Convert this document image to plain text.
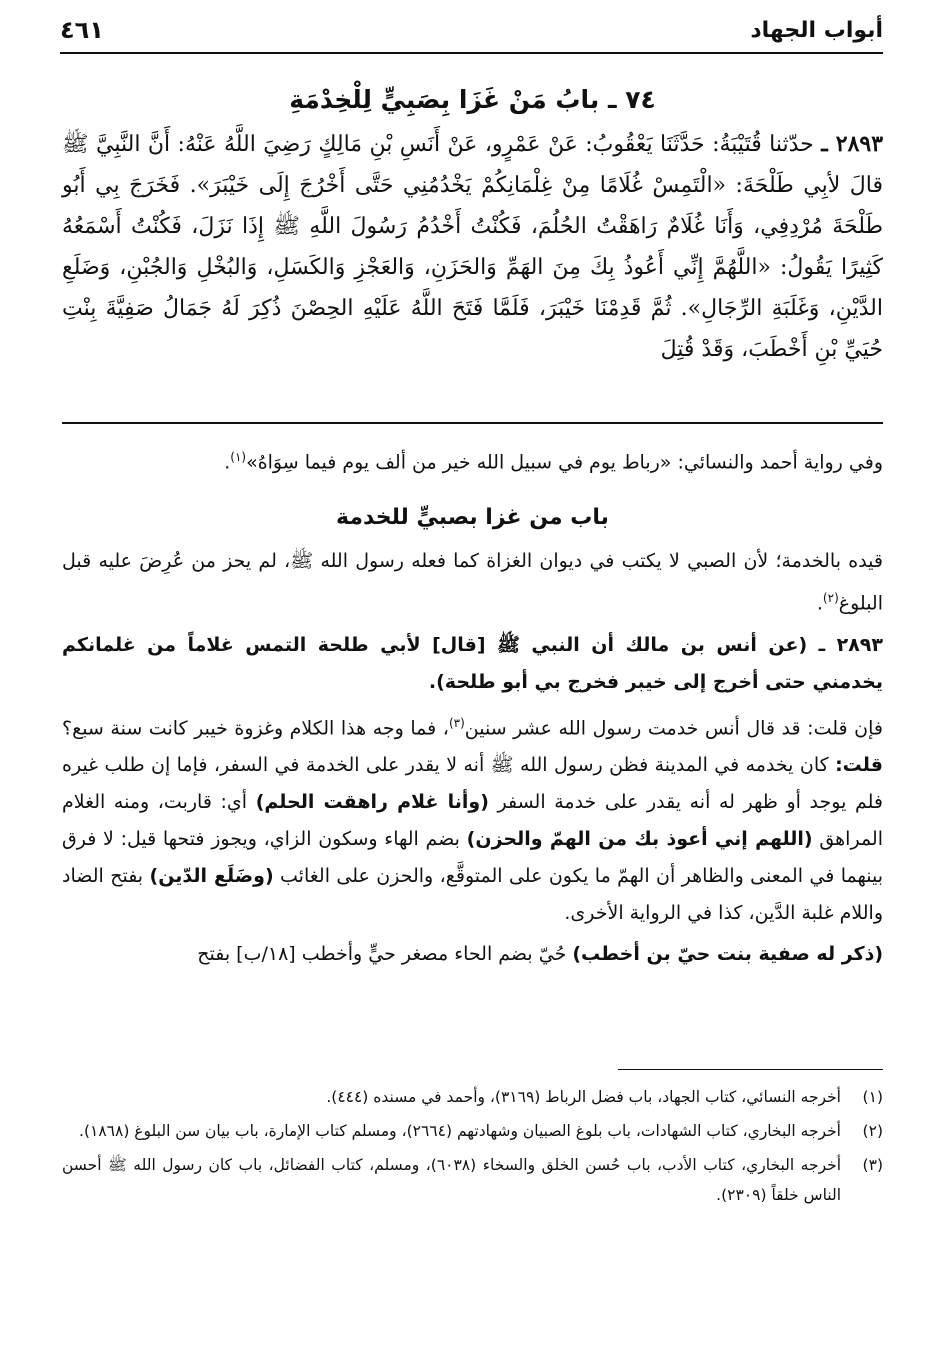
٤٦١	أبواب الجهاد

٧٤ ـ بابُ مَنْ غَزَا بِصَبِيٍّ لِلْخِدْمَةِ

٢٨٩٣ ـ حدّثنا قُتَيْبَةُ: حَدَّثَنَا يَعْقُوبُ: عَنْ عَمْرٍو، عَنْ أَنَسِ بْنِ مَالِكٍ رَضِيَ اللَّهُ عَنْهُ: أَنَّ النَّبِيَّ ﷺ قالَ لأبِي طَلْحَةَ: «الْتَمِسْ غُلَامًا مِنْ غِلْمَانِكُمْ يَخْدُمُنِي حَتَّى أَخْرُجَ إِلَى خَيْبَرَ». فَخَرَجَ بِي أَبُو طَلْحَةَ مُرْدِفِي، وَأَنَا غُلَامٌ رَاهَقْتُ الحُلُمَ، فَكُنْتُ أَخْدُمُ رَسُولَ اللَّهِ ﷺ إِذَا نَزَلَ، فَكُنْتُ أَسْمَعُهُ كَثِيرًا يَقُولُ: «اللَّهُمَّ إِنِّي أَعُوذُ بِكَ مِنَ الهَمِّ وَالحَزَنِ، وَالعَجْزِ وَالكَسَلِ، وَالبُخْلِ وَالجُبْنِ، وَضَلَعِ الدَّيْنِ، وَغَلَبَةِ الرِّجَالِ». ثُمَّ قَدِمْنَا خَيْبَرَ، فَلَمَّا فَتَحَ اللَّهُ عَلَيْهِ الحِصْنَ ذُكِرَ لَهُ جَمَالُ صَفِيَّةَ بِنْتِ حُيَيِّ بْنِ أَخْطَبَ، وَقَدْ قُتِلَ

وفي رواية أحمد والنسائي: «رباط يوم في سبيل الله خير من ألف يوم فيما سِوَاهُ»$^{(١)}$.

باب من غزا بصبيٍّ للخدمة

قيده بالخدمة؛ لأن الصبي لا يكتب في ديوان الغزاة كما فعله رسول الله ﷺ، لم يحز من عُرِضَ عليه قبل البلوغ$^{(٢)}$.

٢٨٩٣ ـ (عن أنس بن مالك أن النبي ﷺ [قال] لأبي طلحة التمس غلاماً من غلمانكم يخدمني حتى أخرج إلى خيبر فخرج بي أبو طلحة).

فإن قلت: قد قال أنس خدمت رسول الله عشر سنين$^{(٣)}$، فما وجه هذا الكلام وغزوة خيبر كانت سنة سبع؟ قلت: كان يخدمه في المدينة فظن رسول الله ﷺ أنه لا يقدر على الخدمة في السفر، فإما إن طلب غيره فلم يوجد أو ظهر له أنه يقدر على خدمة السفر (وأنا غلام راهقت الحلم) أي: قاربت، ومنه الغلام المراهق (اللهم إني أعوذ بك من الهمّ والحزن) بضم الهاء وسكون الزاي، ويجوز فتحها قيل: لا فرق بينهما في المعنى والظاهر أن الهمّ ما يكون على المتوقَّع، والحزن على الغائب (وضَلَع الدّين) بفتح الضاد واللام غلبة الدَّين، كذا في الرواية الأخرى.

(ذكر له صفية بنت حيّ بن أخطب) حُيّ بضم الحاء مصغر حيٍّ وأخطب [١٨/ب] بفتح

(١)
أخرجه النسائي، كتاب الجهاد، باب فضل الرباط (٣١٦٩)، وأحمد في مسنده (٤٤٤).
(٢)
أخرجه البخاري، كتاب الشهادات، باب بلوغ الصبيان وشهادتهم (٢٦٦٤)، ومسلم كتاب الإمارة، باب بيان سن البلوغ (١٨٦٨).
(٣)
أخرجه البخاري، كتاب الأدب، باب حُسن الخلق والسخاء (٦٠٣٨)، ومسلم، كتاب الفضائل، باب كان رسول الله ﷺ أحسن الناس خلقاً (٢٣٠٩).
